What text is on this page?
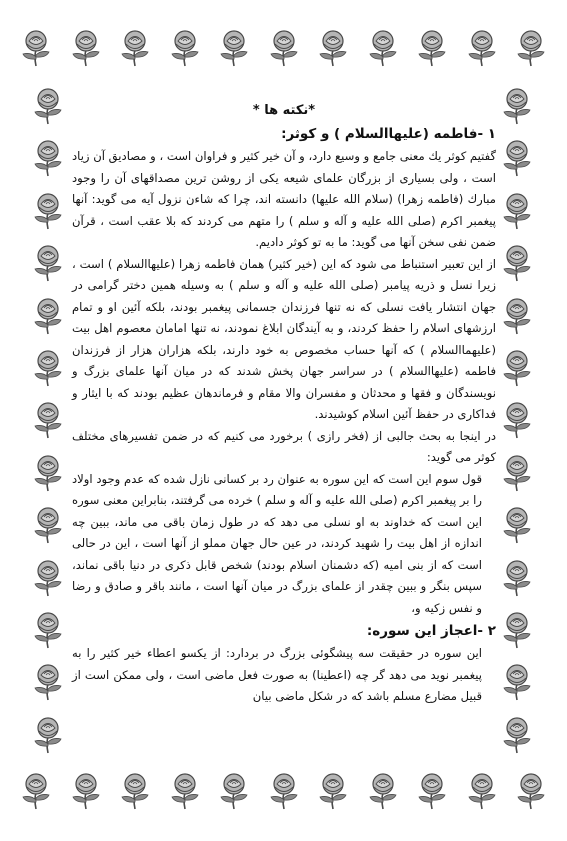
*نكته ها *

١ -فاطمه (عليهاالسلام ) و كوثر:

گفتيم كوثر يك معنى جامع و وسيع دارد، و آن خير كثير و فراوان است ، و مصاديق آن زياد است ، ولى بسيارى از بزرگان علماى شيعه يكى از روشن ترين مصداقهاى آن را وجود مبارك (فاطمه زهرا) (سلام الله عليها) دانسته اند، چرا كه شاءن نزول آيه مى گويد: آنها پيغمبر اكرم (صلى الله عليه و آله و سلم ) را متهم مى كردند كه بلا عقب است ، قرآن ضمن نفى سخن آنها مى گويد: ما به تو كوثر داديم.

از اين تعبير استنباط مى شود كه اين (خير كثير) همان فاطمه زهرا (عليهاالسلام ) است ، زيرا نسل و ذريه پيامبر (صلى الله عليه و آله و سلم ) به وسيله همين دختر گرامى در جهان انتشار يافت نسلى كه نه تنها فرزندان جسمانى پيغمبر بودند، بلكه آئين او و تمام ارزشهاى اسلام را حفظ كردند، و به آيندگان ابلاغ نمودند، نه تنها امامان معصوم اهل بيت (عليهماالسلام ) كه آنها حساب مخصوص به خود دارند، بلكه هزاران هزار از فرزندان فاطمه (عليهاالسلام ) در سراسر جهان پخش شدند كه در ميان آنها علماى بزرگ و نويسندگان و فقها و محدثان و مفسران والا مقام و فرماندهان عظيم بودند كه با ايثار و فداكارى در حفظ آئين اسلام كوشيدند.

در اينجا به بحث جالبى از (فخر رازى ) برخورد مى كنيم كه در ضمن تفسيرهاى مختلف كوثر مى گويد:

قول سوم اين است كه اين سوره به عنوان رد بر كسانى نازل شده كه عدم وجود اولاد را بر پيغمبر اكرم (صلى الله عليه و آله و سلم ) خرده مى گرفتند، بنابراين معنى سوره اين است كه خداوند به او نسلى مى دهد كه در طول زمان باقى مى ماند، ببين چه اندازه از اهل بيت را شهيد كردند، در عين حال جهان مملو از آنها است ، اين در حالى است كه از بنى اميه (كه دشمنان اسلام بودند) شخص قابل ذكرى در دنيا باقى نماند، سپس بنگر و ببين چقدر از علماى بزرگ در ميان آنها است ، مانند باقر و صادق و رضا و نفس زكيه و،

٢ -اعجاز اين سوره:

اين سوره در حقيقت سه پيشگوئى بزرگ در بردارد: از يكسو اعطاء خير كثير را به پيغمبر نويد مى دهد گر چه (اعطينا) به صورت فعل ماضى است ، ولى ممكن است از قبيل مضارع مسلم باشد كه در شكل ماضى بيان
